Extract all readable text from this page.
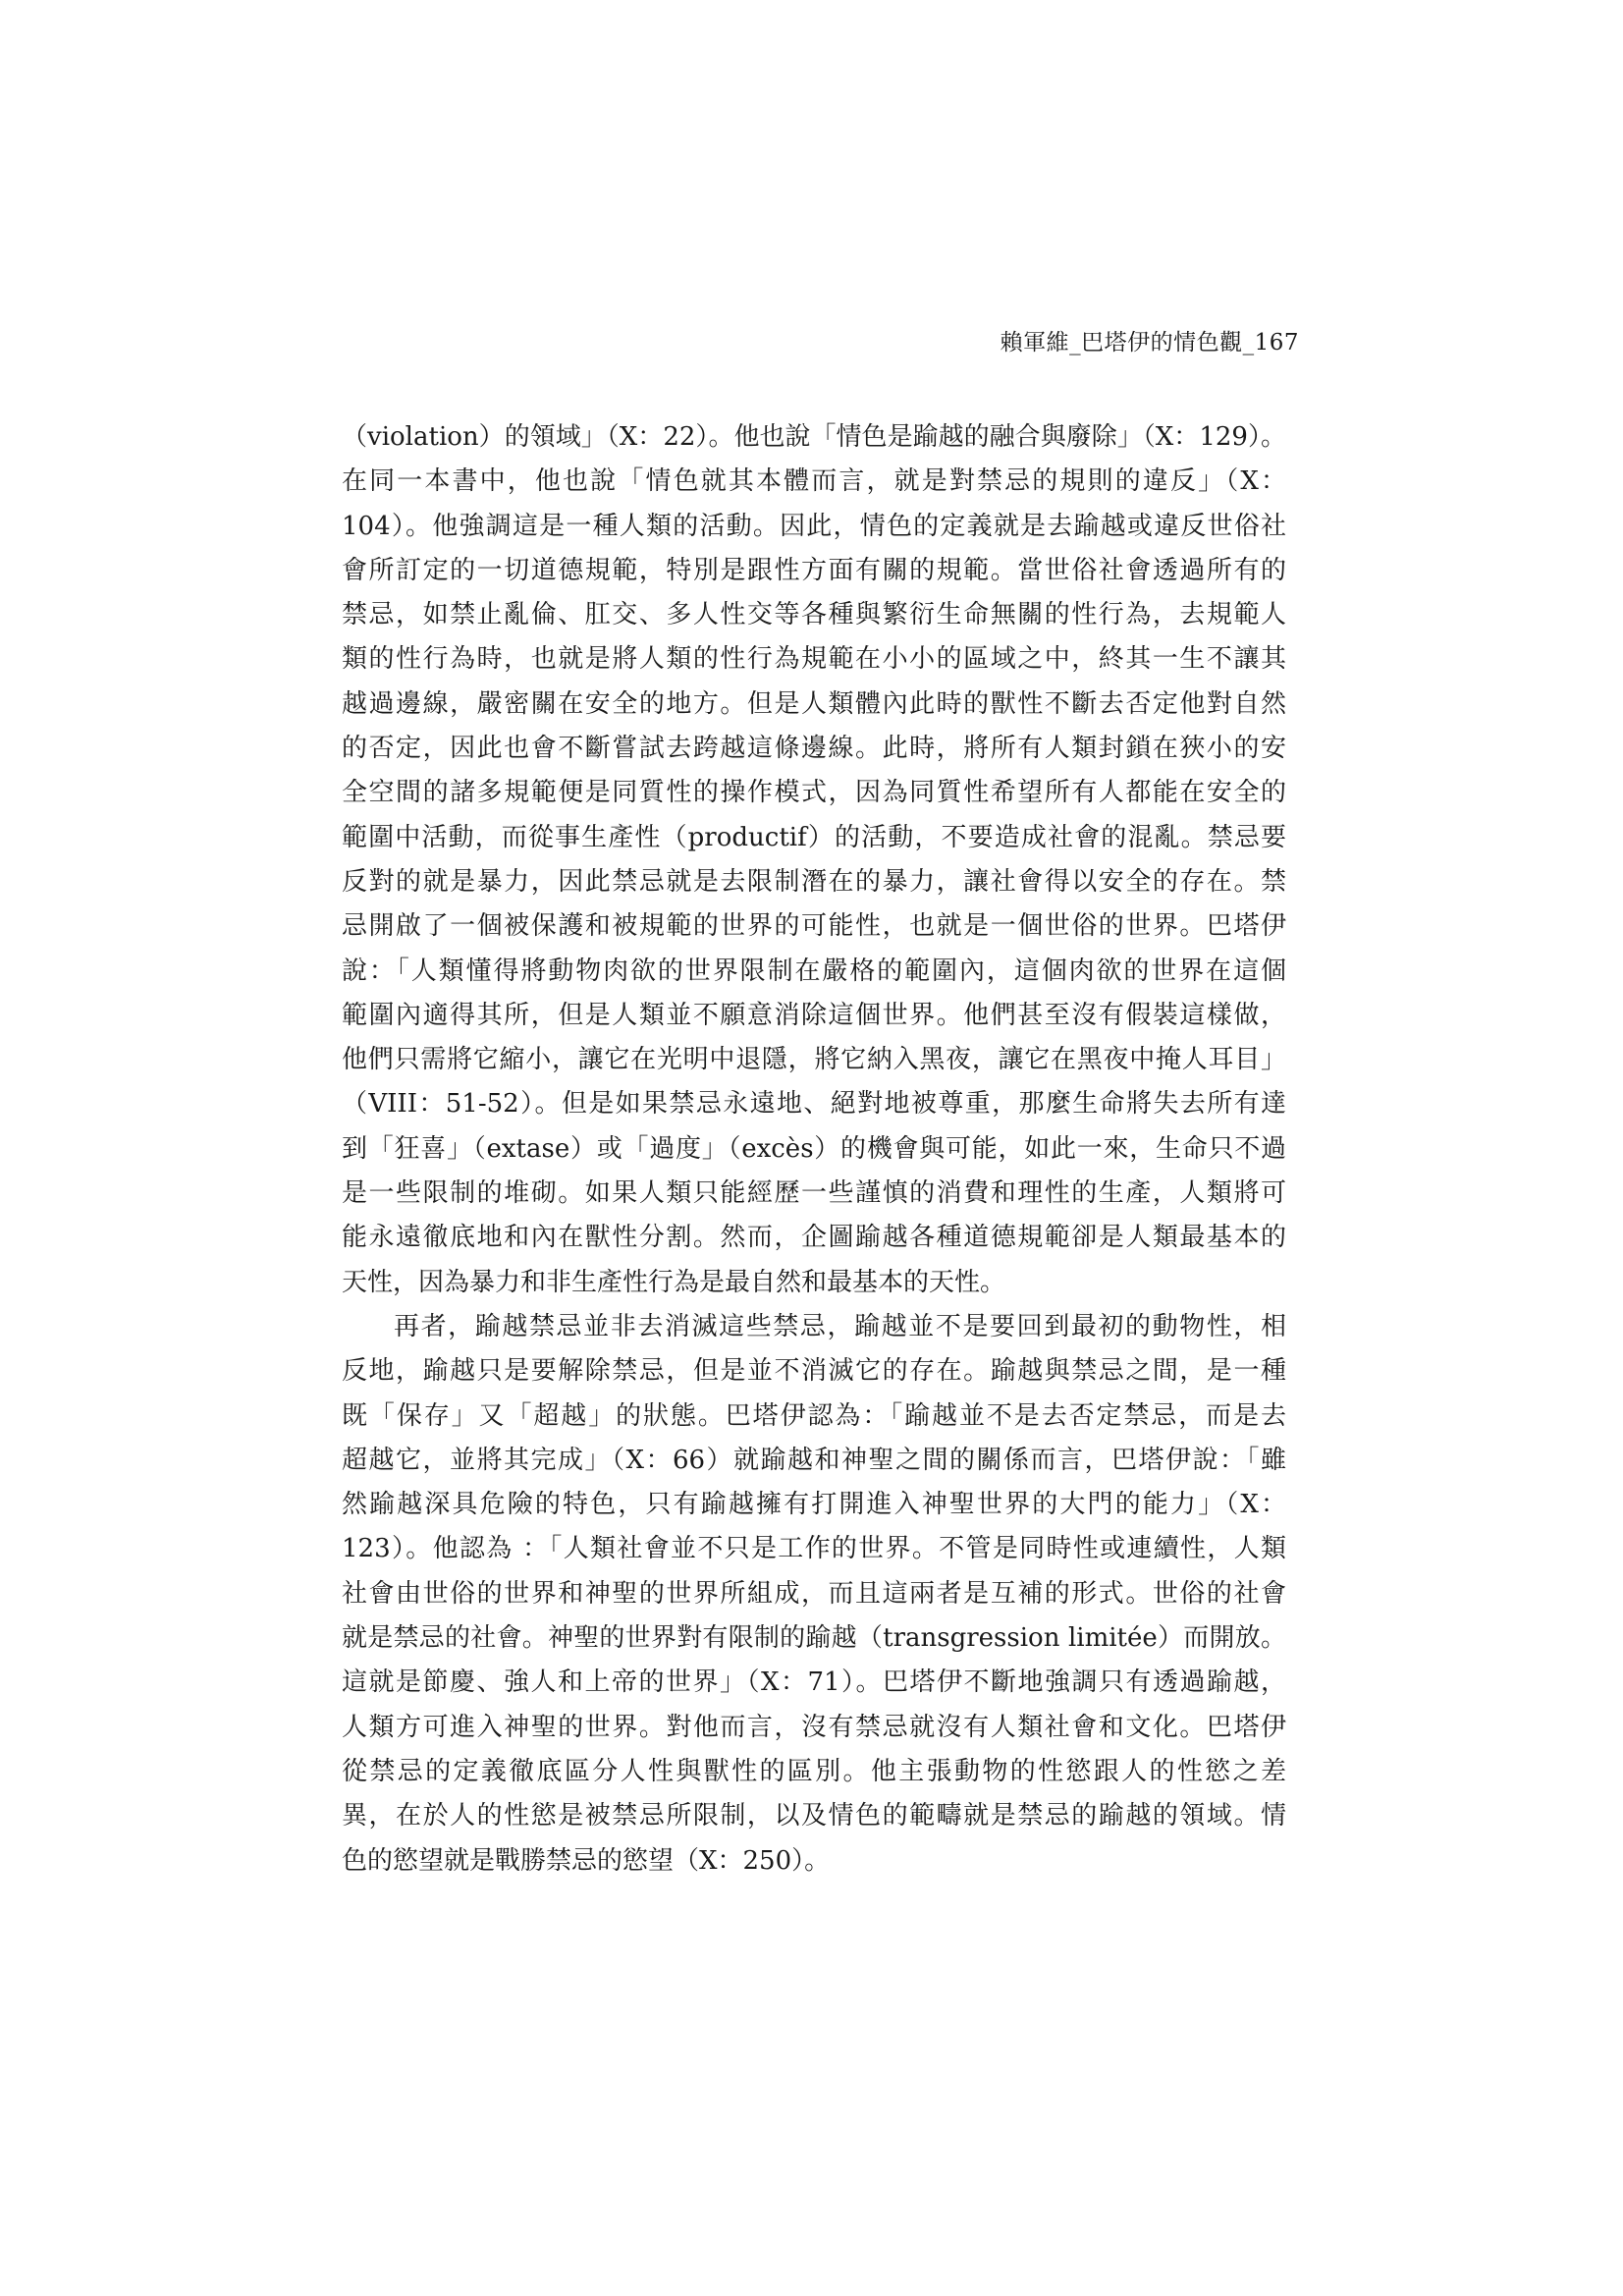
賴軍維_巴塔伊的情色觀_167
（violation）的領域」（X：22）。他也說「情色是踰越的融合與廢除」（X：129）。
在同一本書中，他也說「情色就其本體而言，就是對禁忌的規則的違反」（X：
104）。他強調這是一種人類的活動。因此，情色的定義就是去踰越或違反世俗社
會所訂定的一切道德規範，特別是跟性方面有關的規範。當世俗社會透過所有的
禁忌，如禁止亂倫、肛交、多人性交等各種與繁衍生命無關的性行為，去規範人
類的性行為時，也就是將人類的性行為規範在小小的區域之中，終其一生不讓其
越過邊線，嚴密關在安全的地方。但是人類體內此時的獸性不斷去否定他對自然
的否定，因此也會不斷嘗試去跨越這條邊線。此時，將所有人類封鎖在狹小的安
全空間的諸多規範便是同質性的操作模式，因為同質性希望所有人都能在安全的
範圍中活動，而從事生產性（productif）的活動，不要造成社會的混亂。禁忌要
反對的就是暴力，因此禁忌就是去限制潛在的暴力，讓社會得以安全的存在。禁
忌開啟了一個被保護和被規範的世界的可能性，也就是一個世俗的世界。巴塔伊
說：「人類懂得將動物肉欲的世界限制在嚴格的範圍內，這個肉欲的世界在這個
範圍內適得其所，但是人類並不願意消除這個世界。他們甚至沒有假裝這樣做，
他們只需將它縮小，讓它在光明中退隱，將它納入黑夜，讓它在黑夜中掩人耳目」
（VIII：51-52）。但是如果禁忌永遠地、絕對地被尊重，那麼生命將失去所有達
到「狂喜」（extase）或「過度」（excès）的機會與可能，如此一來，生命只不過
是一些限制的堆砌。如果人類只能經歷一些謹慎的消費和理性的生產，人類將可
能永遠徹底地和內在獸性分割。然而，企圖踰越各種道德規範卻是人類最基本的
天性，因為暴力和非生產性行為是最自然和最基本的天性。
再者，踰越禁忌並非去消滅這些禁忌，踰越並不是要回到最初的動物性，相
反地，踰越只是要解除禁忌，但是並不消滅它的存在。踰越與禁忌之間，是一種
既「保存」又「超越」的狀態。巴塔伊認為：「踰越並不是去否定禁忌，而是去
超越它，並將其完成」（X：66）就踰越和神聖之間的關係而言，巴塔伊說：「雖
然踰越深具危險的特色，只有踰越擁有打開進入神聖世界的大門的能力」（X：
123）。他認為 ：「人類社會並不只是工作的世界。不管是同時性或連續性，人類
社會由世俗的世界和神聖的世界所組成，而且這兩者是互補的形式。世俗的社會
就是禁忌的社會。神聖的世界對有限制的踰越（transgression limitée）而開放。
這就是節慶、強人和上帝的世界」（X：71）。巴塔伊不斷地強調只有透過踰越，
人類方可進入神聖的世界。對他而言，沒有禁忌就沒有人類社會和文化。巴塔伊
從禁忌的定義徹底區分人性與獸性的區別。他主張動物的性慾跟人的性慾之差
異，在於人的性慾是被禁忌所限制，以及情色的範疇就是禁忌的踰越的領域。情
色的慾望就是戰勝禁忌的慾望（X：250）。
